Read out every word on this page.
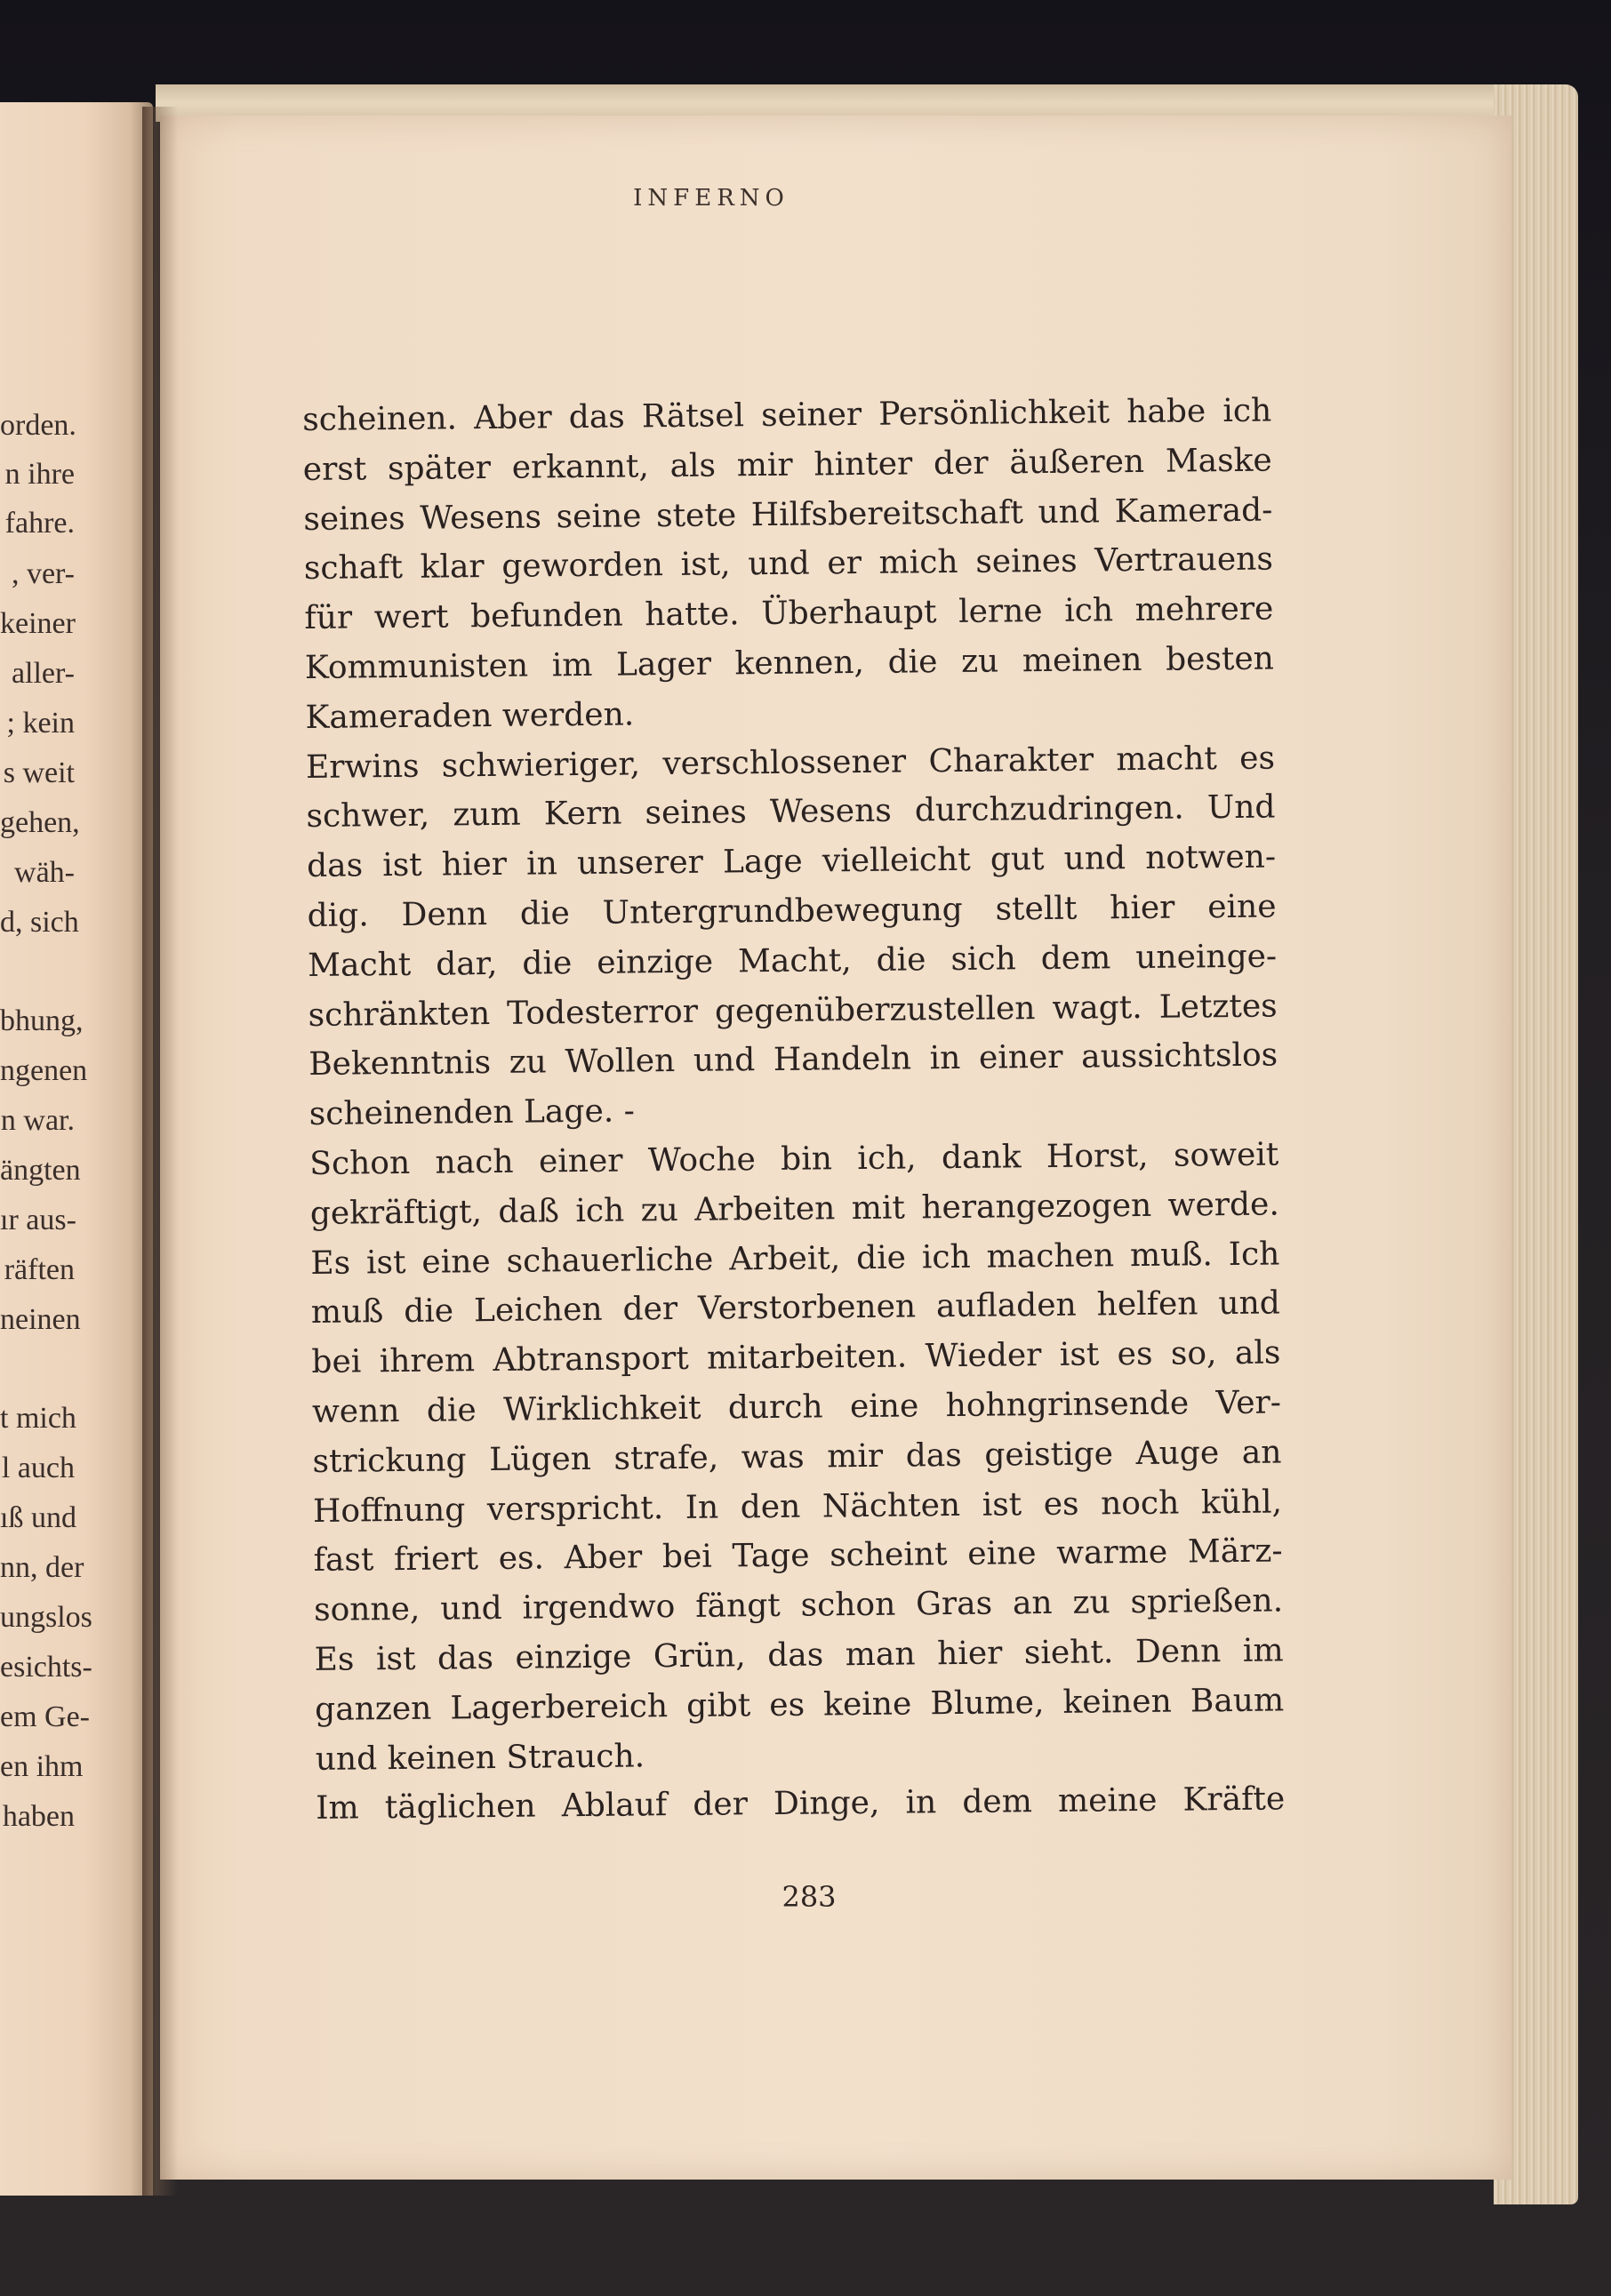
orden.
n ihre
fahre.
, ver-
keiner
aller-
; kein
s weit
gehen,
wäh-
d, sich
bhung,
ngenen
n war.
ängten
ır aus-
räften
neinen
t mich
l auch
ıß und
nn, der
ungslos
esichts-
em Ge-
en ihm
haben
INFERNO
scheinen. Aber das Rätsel seiner Persönlichkeit habe ich
erst später erkannt, als mir hinter der äußeren Maske
seines Wesens seine stete Hilfsbereitschaft und Kamerad-
schaft klar geworden ist, und er mich seines Vertrauens
für wert befunden hatte. Überhaupt lerne ich mehrere
Kommunisten im Lager kennen, die zu meinen besten
Kameraden werden.
Erwins schwieriger, verschlossener Charakter macht es
schwer, zum Kern seines Wesens durchzudringen. Und
das ist hier in unserer Lage vielleicht gut und notwen-
dig. Denn die Untergrundbewegung stellt hier eine
Macht dar, die einzige Macht, die sich dem uneinge-
schränkten Todesterror gegenüberzustellen wagt. Letztes
Bekenntnis zu Wollen und Handeln in einer aussichtslos
scheinenden Lage. -
Schon nach einer Woche bin ich, dank Horst, soweit
gekräftigt, daß ich zu Arbeiten mit herangezogen werde.
Es ist eine schauerliche Arbeit, die ich machen muß. Ich
muß die Leichen der Verstorbenen aufladen helfen und
bei ihrem Abtransport mitarbeiten. Wieder ist es so, als
wenn die Wirklichkeit durch eine hohngrinsende Ver-
strickung Lügen strafe, was mir das geistige Auge an
Hoffnung verspricht. In den Nächten ist es noch kühl,
fast friert es. Aber bei Tage scheint eine warme März-
sonne, und irgendwo fängt schon Gras an zu sprießen.
Es ist das einzige Grün, das man hier sieht. Denn im
ganzen Lagerbereich gibt es keine Blume, keinen Baum
und keinen Strauch.
Im täglichen Ablauf der Dinge, in dem meine Kräfte
283
